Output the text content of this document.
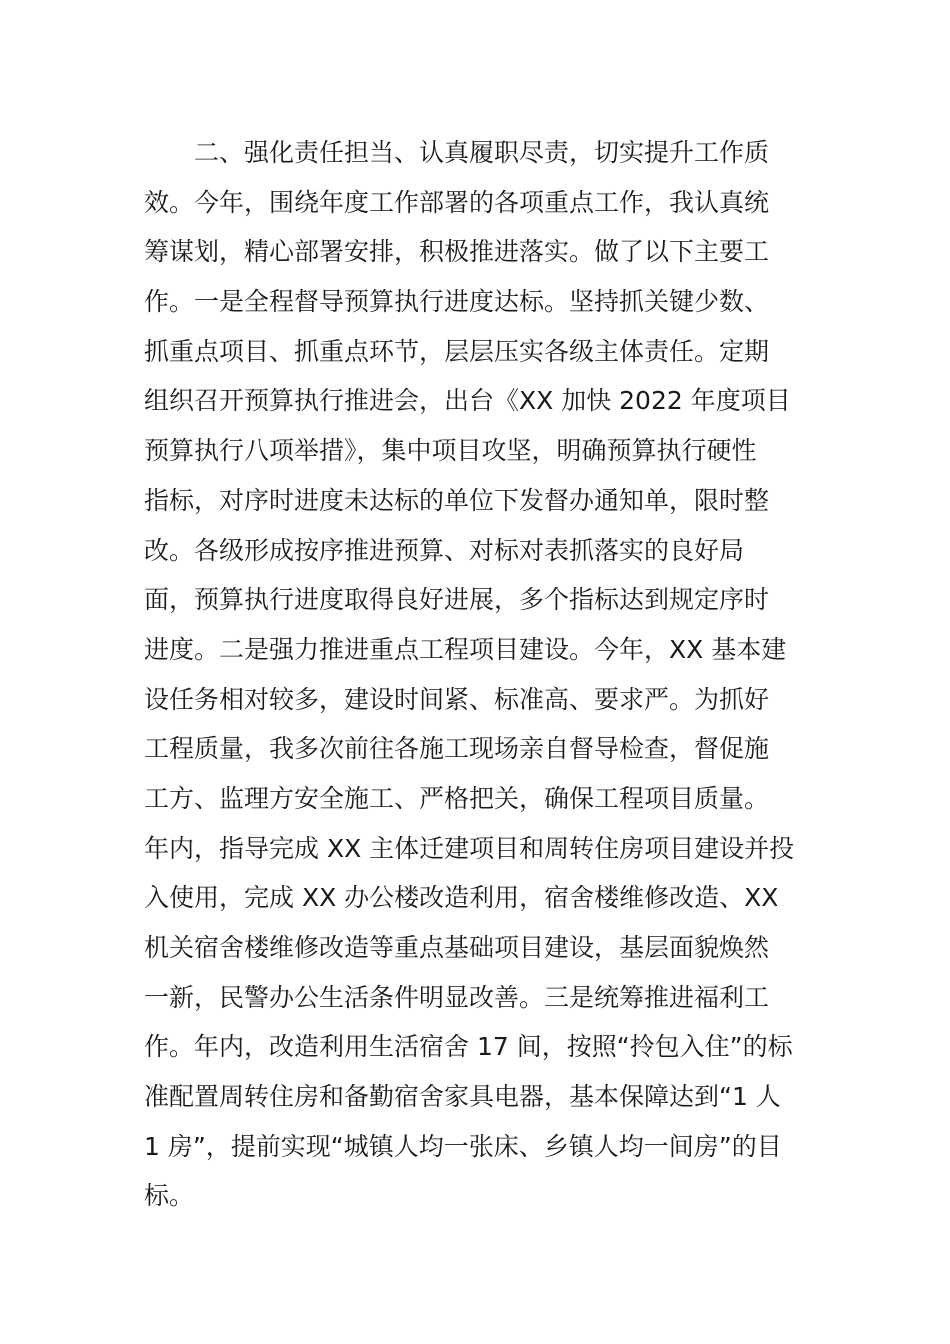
二、强化责任担当、认真履职尽责，切实提升工作质
效。今年，围绕年度工作部署的各项重点工作，我认真统
筹谋划，精心部署安排，积极推进落实。做了以下主要工
作。一是全程督导预算执行进度达标。坚持抓关键少数、
抓重点项目、抓重点环节，层层压实各级主体责任。定期
组织召开预算执行推进会，出台《XX 加快 2022 年度项目
预算执行八项举措》，集中项目攻坚，明确预算执行硬性
指标，对序时进度未达标的单位下发督办通知单，限时整
改。各级形成按序推进预算、对标对表抓落实的良好局
面，预算执行进度取得良好进展，多个指标达到规定序时
进度。二是强力推进重点工程项目建设。今年，XX 基本建
设任务相对较多，建设时间紧、标准高、要求严。为抓好
工程质量，我多次前往各施工现场亲自督导检查，督促施
工方、监理方安全施工、严格把关，确保工程项目质量。
年内，指导完成 XX 主体迁建项目和周转住房项目建设并投
入使用，完成 XX 办公楼改造利用，宿舍楼维修改造、XX
机关宿舍楼维修改造等重点基础项目建设，基层面貌焕然
一新，民警办公生活条件明显改善。三是统筹推进福利工
作。年内，改造利用生活宿舍 17 间，按照“拎包入住”的标
准配置周转住房和备勤宿舍家具电器，基本保障达到“1 人
1 房”，提前实现“城镇人均一张床、乡镇人均一间房”的目
标。
